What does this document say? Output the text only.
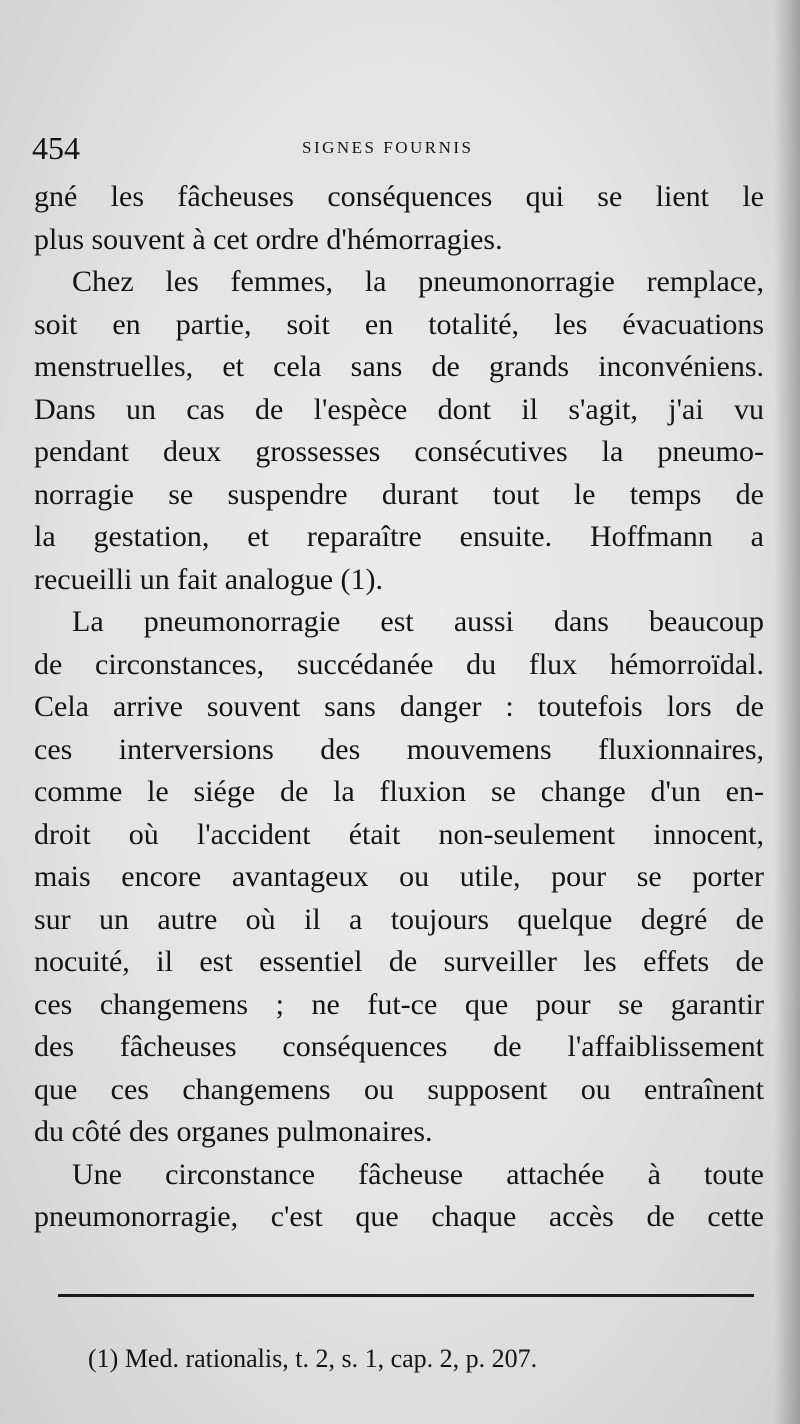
454	SIGNES FOURNIS
gné les fâcheuses conséquences qui se lient le
plus souvent à cet ordre d'hémorragies.
Chez les femmes, la pneumonorragie remplace,
soit en partie, soit en totalité, les évacuations
menstruelles, et cela sans de grands inconvéniens.
Dans un cas de l'espèce dont il s'agit, j'ai vu
pendant deux grossesses consécutives la pneumo-
norragie se suspendre durant tout le temps de
la gestation, et reparaître ensuite. Hoffmann a
recueilli un fait analogue (1).
La pneumonorragie est aussi dans beaucoup
de circonstances, succédanée du flux hémorroïdal.
Cela arrive souvent sans danger : toutefois lors de
ces interversions des mouvemens fluxionnaires,
comme le siége de la fluxion se change d'un en-
droit où l'accident était non-seulement innocent,
mais encore avantageux ou utile, pour se porter
sur un autre où il a toujours quelque degré de
nocuité, il est essentiel de surveiller les effets de
ces changemens ; ne fut-ce que pour se garantir
des fâcheuses conséquences de l'affaiblissement
que ces changemens ou supposent ou entraînent
du côté des organes pulmonaires.
Une circonstance fâcheuse attachée à toute
pneumonorragie, c'est que chaque accès de cette
(1) Med. rationalis, t. 2, s. 1, cap. 2, p. 207.
